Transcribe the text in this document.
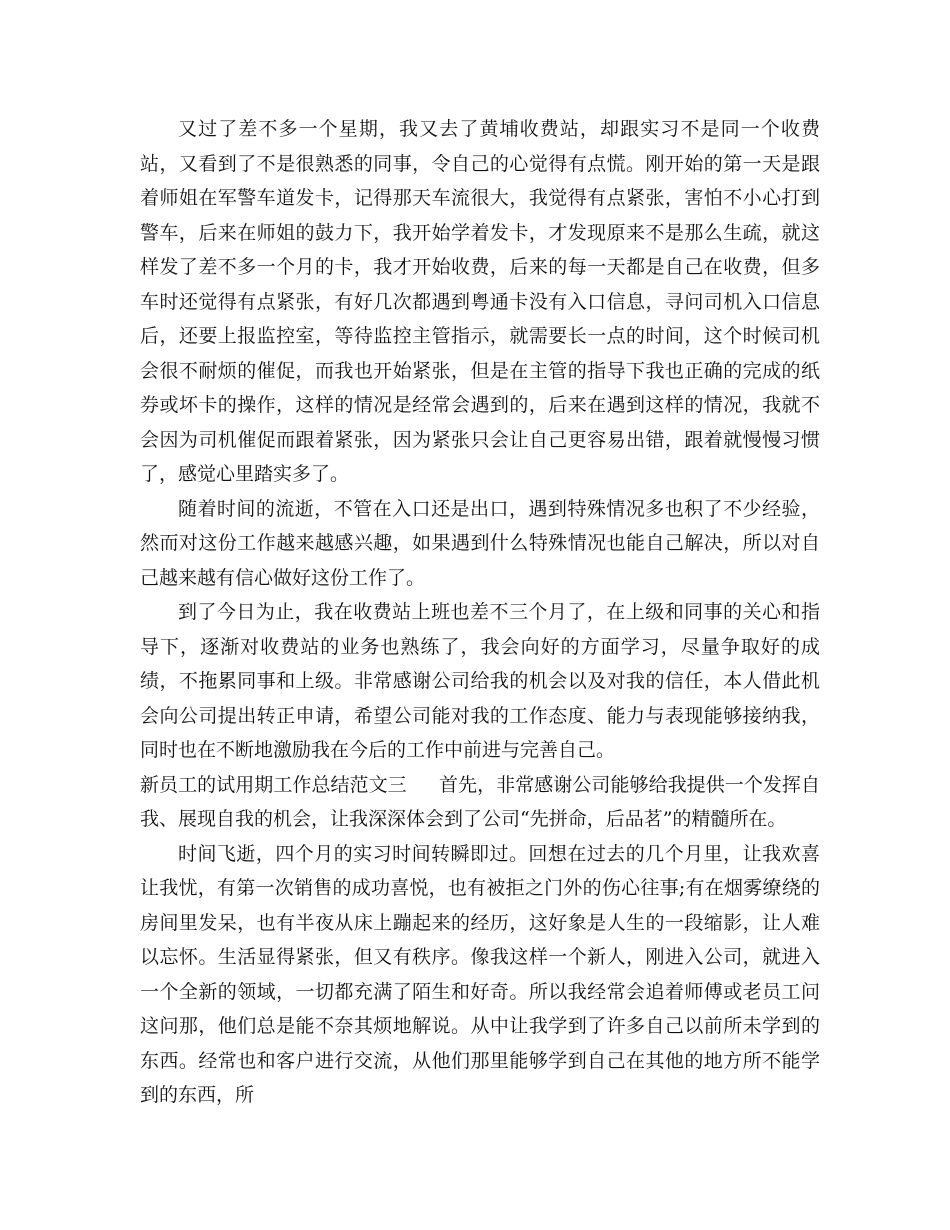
又过了差不多一个星期，我又去了黄埔收费站，却跟实习不是同一个收费站，又看到了不是很熟悉的同事，令自己的心觉得有点慌。刚开始的第一天是跟着师姐在军警车道发卡，记得那天车流很大，我觉得有点紧张，害怕不小心打到警车，后来在师姐的鼓力下，我开始学着发卡，才发现原来不是那么生疏，就这样发了差不多一个月的卡，我才开始收费，后来的每一天都是自己在收费，但多车时还觉得有点紧张，有好几次都遇到粤通卡没有入口信息，寻问司机入口信息后，还要上报监控室，等待监控主管指示，就需要长一点的时间，这个时候司机会很不耐烦的催促，而我也开始紧张，但是在主管的指导下我也正确的完成的纸券或坏卡的操作，这样的情况是经常会遇到的，后来在遇到这样的情况，我就不会因为司机催促而跟着紧张，因为紧张只会让自己更容易出错，跟着就慢慢习惯了，感觉心里踏实多了。

随着时间的流逝，不管在入口还是出口，遇到特殊情况多也积了不少经验，然而对这份工作越来越感兴趣，如果遇到什么特殊情况也能自己解决，所以对自己越来越有信心做好这份工作了。

到了今日为止，我在收费站上班也差不三个月了，在上级和同事的关心和指导下，逐渐对收费站的业务也熟练了，我会向好的方面学习，尽量争取好的成绩，不拖累同事和上级。非常感谢公司给我的机会以及对我的信任，本人借此机会向公司提出转正申请，希望公司能对我的工作态度、能力与表现能够接纳我，同时也在不断地激励我在今后的工作中前进与完善自己。

新员工的试用期工作总结范文三 首先，非常感谢公司能够给我提供一个发挥自我、展现自我的机会，让我深深体会到了公司“先拼命，后品茗”的精髓所在。

时间飞逝，四个月的实习时间转瞬即过。回想在过去的几个月里，让我欢喜让我忧，有第一次销售的成功喜悦，也有被拒之门外的伤心往事;有在烟雾缭绕的房间里发呆，也有半夜从床上蹦起来的经历，这好象是人生的一段缩影，让人难以忘怀。生活显得紧张，但又有秩序。像我这样一个新人，刚进入公司，就进入一个全新的领域，一切都充满了陌生和好奇。所以我经常会追着师傅或老员工问这问那，他们总是能不奈其烦地解说。从中让我学到了许多自己以前所未学到的东西。经常也和客户进行交流，从他们那里能够学到自己在其他的地方所不能学到的东西，所
